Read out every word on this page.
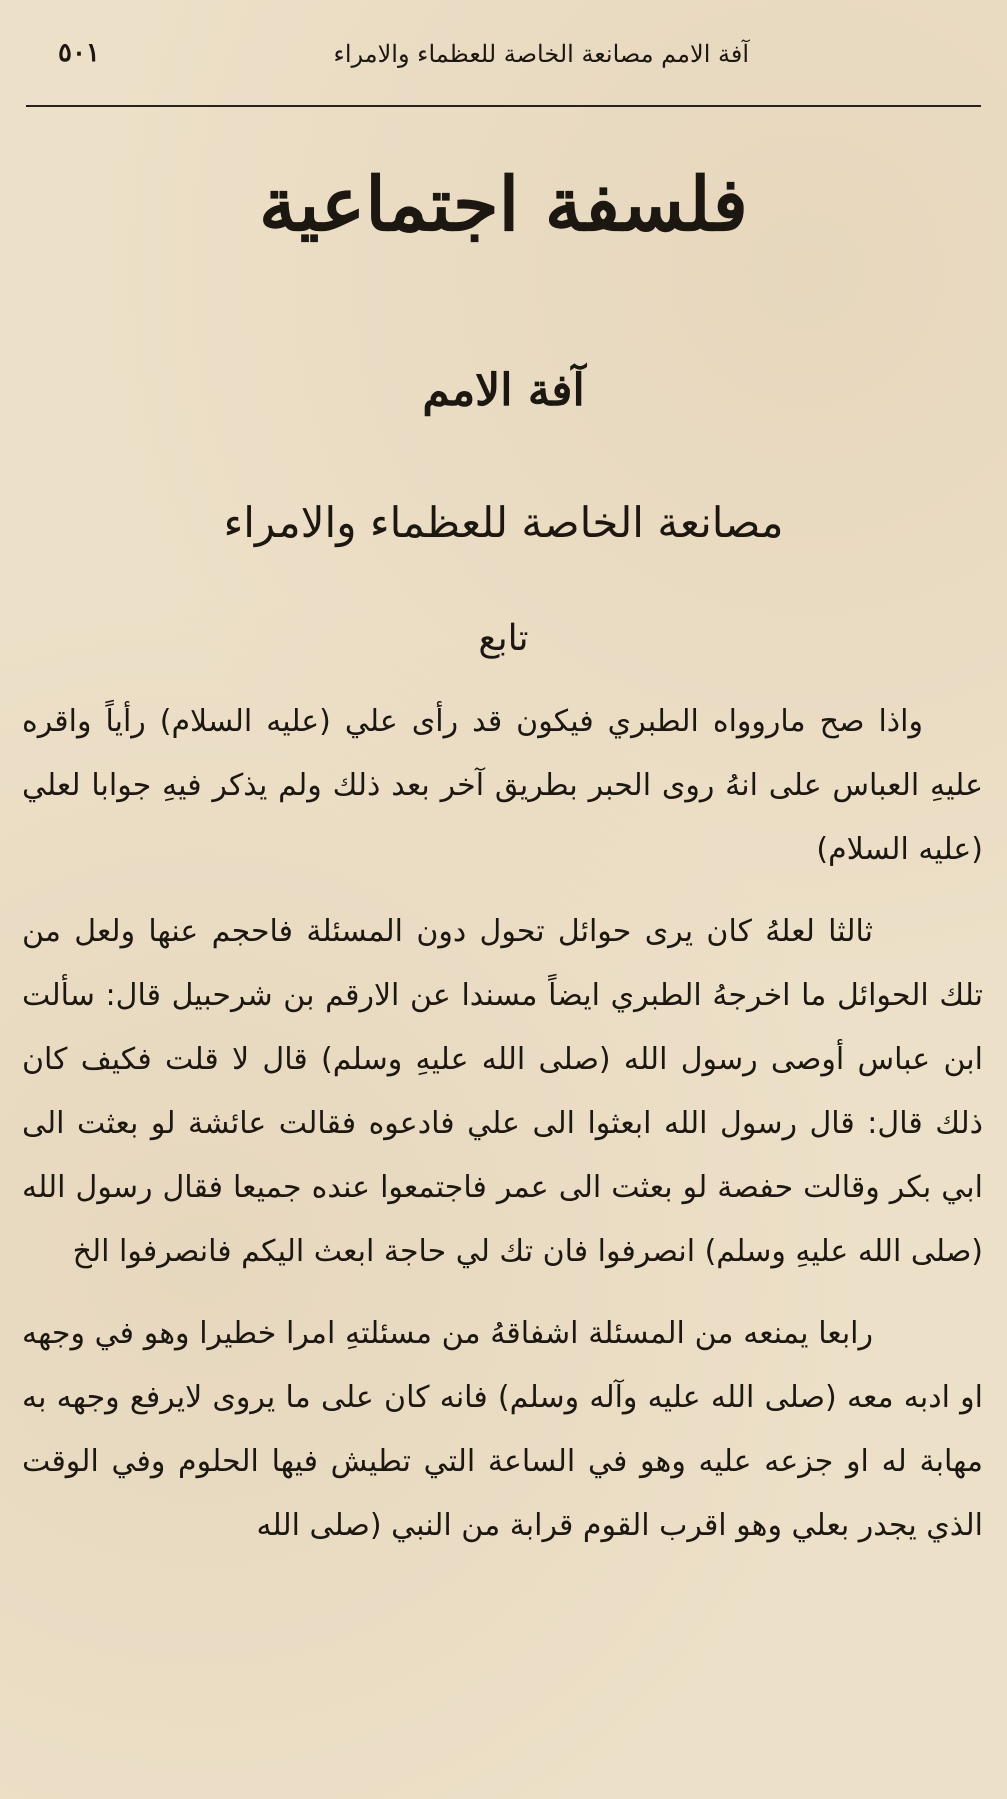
آفة الامم مصانعة الخاصة للعظماء والامراء
٥٠١
فلسفة اجتماعية
آفة الامم
مصانعة الخاصة للعظماء والامراء
تابع

واذا صح ماروواه الطبري فيكون قد رأى علي (عليه السلام) رأياً واقره عليهِ العباس على انهُ روى الحبر بطريق آخر بعد ذلك ولم يذكر فيهِ جوابا لعلي (عليه السلام)

ثالثا لعلهُ كان يرى حوائل تحول دون المسئلة فاحجم عنها ولعل من تلك الحوائل ما اخرجهُ الطبري ايضاً مسندا عن الارقم بن شرحبيل قال: سألت ابن عباس أوصى رسول الله (صلى الله عليهِ وسلم) قال لا قلت فكيف كان ذلك قال: قال رسول الله ابعثوا الى علي فادعوه فقالت عائشة لو بعثت الى ابي بكر وقالت حفصة لو بعثت الى عمر فاجتمعوا عنده جميعا فقال رسول الله (صلى الله عليهِ وسلم) انصرفوا فان تك لي حاجة ابعث اليكم فانصرفوا الخ

رابعا يمنعه من المسئلة اشفاقهُ من مسئلتهِ امرا خطيرا وهو في وجهه او ادبه معه (صلى الله عليه وآله وسلم) فانه كان على ما يروى لايرفع وجهه به مهابة له او جزعه عليه وهو في الساعة التي تطيش فيها الحلوم وفي الوقت الذي يجدر بعلي وهو اقرب القوم قرابة من النبي (صلى الله
